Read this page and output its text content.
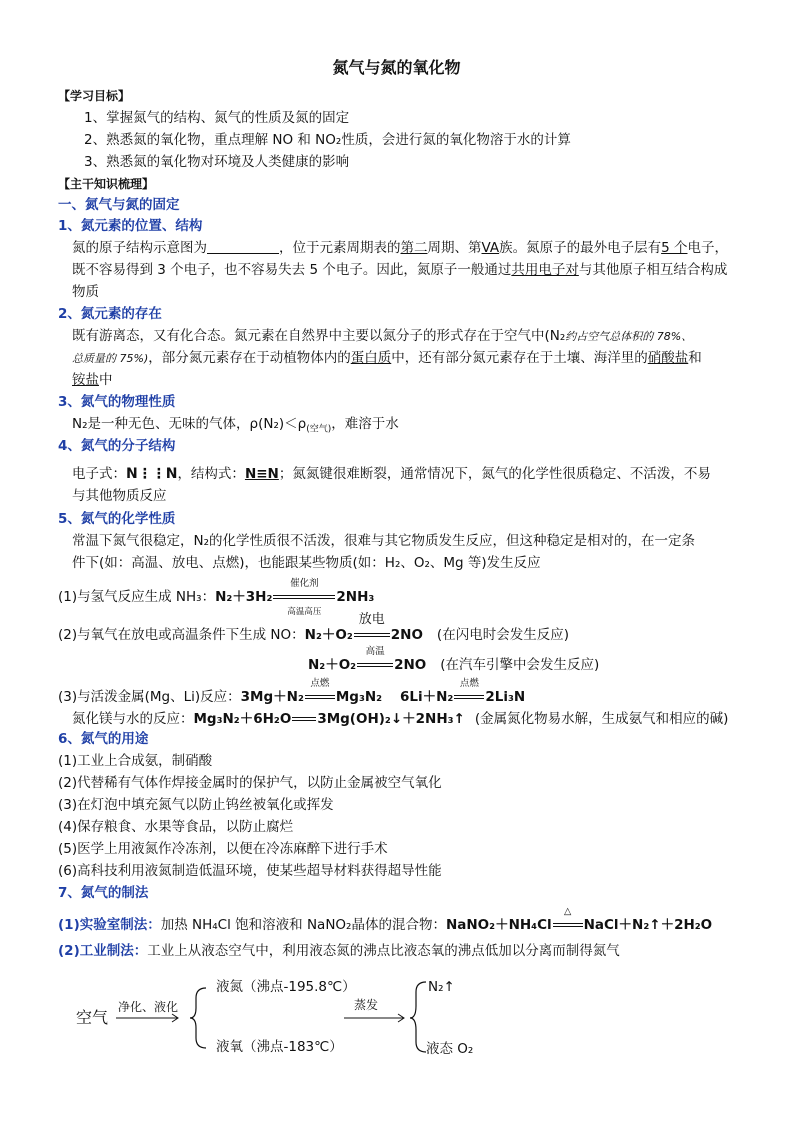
氮气与氮的氧化物
【学习目标】
1、掌握氮气的结构、氮气的性质及氮的固定
2、熟悉氮的氧化物，重点理解 NO 和 NO₂性质，会进行氮的氧化物溶于水的计算
3、熟悉氮的氧化物对环境及人类健康的影响
【主干知识梳理】
一、氮气与氮的固定
1、氮元素的位置、结构
氮的原子结构示意图为	，位于元素周期表的第二周期、第VA族。氮原子的最外电子层有5 个电子，
既不容易得到 3 个电子，也不容易失去 5 个电子。因此，氮原子一般通过共用电子对与其他原子相互结合构成
物质
2、氮元素的存在
既有游离态，又有化合态。氮元素在自然界中主要以氮分子的形式存在于空气中(N₂约占空气总体积的 78%、
总质量的 75%)，部分氮元素存在于动植物体内的蛋白质中，还有部分氮元素存在于土壤、海洋里的硝酸盐和
铵盐中
3、氮气的物理性质
N₂是一种无色、无味的气体，$\rho(N_2)<\rho_{(空气)}$，难溶于水
4、氮气的分子结构
电子式：N⋮⋮N，结构式：N≡N；氮氮键很难断裂，通常情况下，氮气的化学性很质稳定、不活泼，不易
与其他物质反应
5、氮气的化学性质
常温下氮气很稳定，N₂的化学性质很不活泼，很难与其它物质发生反应，但这种稳定是相对的，在一定条
件下(如：高温、放电、点燃)，也能跟某些物质(如：H₂、O₂、Mg 等)发生反应
(1)与氢气反应生成 NH₃：N₂＋3H₂
催化剂
高温高压
2NH₃
(2)与氧气在放电或高温条件下生成 NO：N₂＋O₂
放电
2NO (在闪电时会发生反应)
N₂＋O₂
高温
2NO (在汽车引擎中会发生反应)
(3)与活泼金属(Mg、Li)反应：3Mg＋N₂
点燃
Mg₃N₂ 6Li＋N₂
点燃
2Li₃N
氮化镁与水的反应：Mg₃N₂＋6H₂O 3Mg(OH)₂↓＋2NH₃↑ (金属氮化物易水解，生成氨气和相应的碱)
6、氮气的用途
(1)工业上合成氨，制硝酸
(2)代替稀有气体作焊接金属时的保护气，以防止金属被空气氧化
(3)在灯泡中填充氮气以防止钨丝被氧化或挥发
(4)保存粮食、水果等食品，以防止腐烂
(5)医学上用液氮作冷冻剂，以便在冷冻麻醉下进行手术
(6)高科技利用液氮制造低温环境，使某些超导材料获得超导性能
7、氮气的制法
(1)实验室制法：加热 NH₄Cl 饱和溶液和 NaNO₂晶体的混合物：NaNO₂＋NH₄Cl
△
NaCl＋N₂↑＋2H₂O
(2)工业制法：工业上从液态空气中，利用液态氮的沸点比液态氧的沸点低加以分离而制得氮气
空气
净化、液化
液氮（沸点-195.8℃）
液氧（沸点-183℃）
蒸发
N₂↑
液态 O₂
